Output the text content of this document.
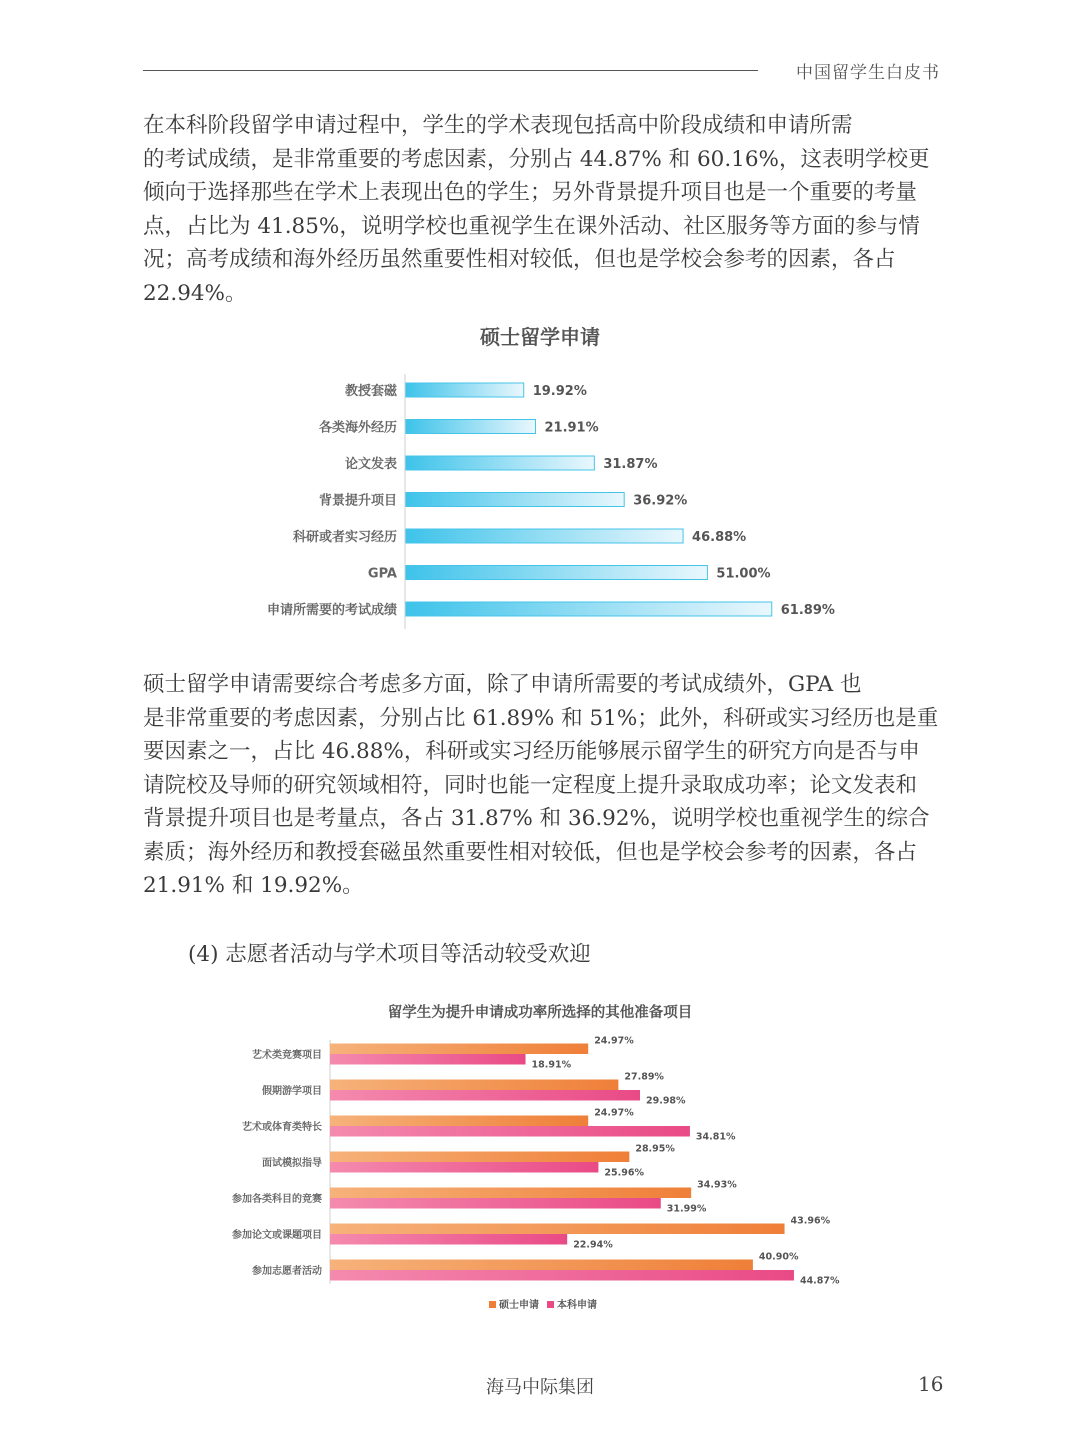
中国留学生白皮书
在本科阶段留学申请过程中，学生的学术表现包括高中阶段成绩和申请所需
的考试成绩，是非常重要的考虑因素，分别占 44.87% 和 60.16%，这表明学校更
倾向于选择那些在学术上表现出色的学生；另外背景提升项目也是一个重要的考量
点，占比为 41.85%，说明学校也重视学生在课外活动、社区服务等方面的参与情
况；高考成绩和海外经历虽然重要性相对较低，但也是学校会参考的因素，各占
22.94%。
硕士留学申请
教授套磁	19.92%
各类海外经历	21.91%
论文发表	31.87%
背景提升项目	36.92%
科研或者实习经历	46.88%
GPA	51.00%
申请所需要的考试成绩	61.89%
硕士留学申请需要综合考虑多方面，除了申请所需要的考试成绩外，GPA 也
是非常重要的考虑因素，分别占比 61.89% 和 51%；此外，科研或实习经历也是重
要因素之一，占比 46.88%，科研或实习经历能够展示留学生的研究方向是否与申
请院校及导师的研究领域相符，同时也能一定程度上提升录取成功率；论文发表和
背景提升项目也是考量点，各占 31.87% 和 36.92%，说明学校也重视学生的综合
素质；海外经历和教授套磁虽然重要性相对较低，但也是学校会参考的因素，各占
21.91% 和 19.92%。
(4) 志愿者活动与学术项目等活动较受欢迎
留学生为提升申请成功率所选择的其他准备项目
艺术类竞赛项目
24.97%
18.91%
假期游学项目
27.89%
29.98%
艺术或体育类特长
24.97%
34.81%
面试模拟指导
28.95%
25.96%
参加各类科目的竞赛
34.93%
31.99%
参加论文或课题项目
43.96%
22.94%
参加志愿者活动
40.90%
44.87%
硕士申请 本科申请
海马中际集团	16
